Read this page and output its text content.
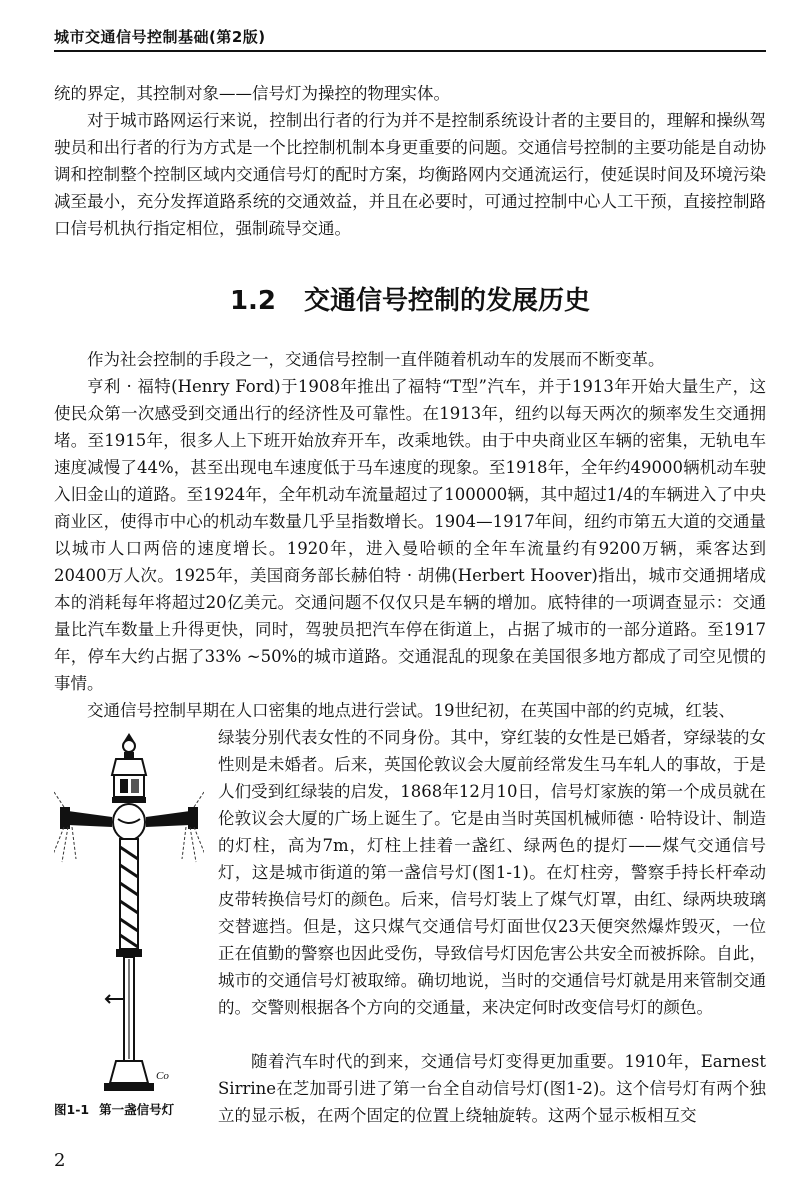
城市交通信号控制基础(第2版)

统的界定，其控制对象——信号灯为操控的物理实体。

对于城市路网运行来说，控制出行者的行为并不是控制系统设计者的主要目的，理解和操纵驾驶员和出行者的行为方式是一个比控制机制本身更重要的问题。交通信号控制的主要功能是自动协调和控制整个控制区域内交通信号灯的配时方案，均衡路网内交通流运行，使延误时间及环境污染减至最小，充分发挥道路系统的交通效益，并且在必要时，可通过控制中心人工干预，直接控制路口信号机执行指定相位，强制疏导交通。

1.2 交通信号控制的发展历史

作为社会控制的手段之一，交通信号控制一直伴随着机动车的发展而不断变革。

亨利 · 福特(Henry Ford)于1908年推出了福特“T型”汽车，并于1913年开始大量生产，这使民众第一次感受到交通出行的经济性及可靠性。在1913年，纽约以每天两次的频率发生交通拥堵。至1915年，很多人上下班开始放弃开车，改乘地铁。由于中央商业区车辆的密集，无轨电车速度减慢了44%，甚至出现电车速度低于马车速度的现象。至1918年，全年约49000辆机动车驶入旧金山的道路。至1924年，全年机动车流量超过了100000辆，其中超过1/4的车辆进入了中央商业区，使得市中心的机动车数量几乎呈指数增长。1904—1917年间，纽约市第五大道的交通量以城市人口两倍的速度增长。1920年，进入曼哈顿的全年车流量约有9200万辆，乘客达到20400万人次。1925年，美国商务部长赫伯特 · 胡佛(Herbert Hoover)指出，城市交通拥堵成本的消耗每年将超过20亿美元。交通问题不仅仅只是车辆的增加。底特律的一项调查显示：交通量比汽车数量上升得更快，同时，驾驶员把汽车停在街道上，占据了城市的一部分道路。至1917年，停车大约占据了33% ~50%的城市道路。交通混乱的现象在美国很多地方都成了司空见惯的事情。

交通信号控制早期在人口密集的地点进行尝试。19世纪初，在英国中部的约克城，红装、

Co

绿装分别代表女性的不同身份。其中，穿红装的女性是已婚者，穿绿装的女性则是未婚者。后来，英国伦敦议会大厦前经常发生马车轧人的事故，于是人们受到红绿装的启发，1868年12月10日，信号灯家族的第一个成员就在伦敦议会大厦的广场上诞生了。它是由当时英国机械师德 · 哈特设计、制造的灯柱，高为7m，灯柱上挂着一盏红、绿两色的提灯——煤气交通信号灯，这是城市街道的第一盏信号灯(图1-1)。在灯柱旁，警察手持长杆牵动皮带转换信号灯的颜色。后来，信号灯装上了煤气灯罩，由红、绿两块玻璃交替遮挡。但是，这只煤气交通信号灯面世仅23天便突然爆炸毁灭，一位正在值勤的警察也因此受伤，导致信号灯因危害公共安全而被拆除。自此，城市的交通信号灯被取缔。确切地说，当时的交通信号灯就是用来管制交通的。交警则根据各个方向的交通量，来决定何时改变信号灯的颜色。

随着汽车时代的到来，交通信号灯变得更加重要。1910年，Earnest Sirrine在芝加哥引进了第一台全自动信号灯(图1-2)。这个信号灯有两个独立的显示板，在两个固定的位置上绕轴旋转。这两个显示板相互交

图1-1 第一盏信号灯
2
